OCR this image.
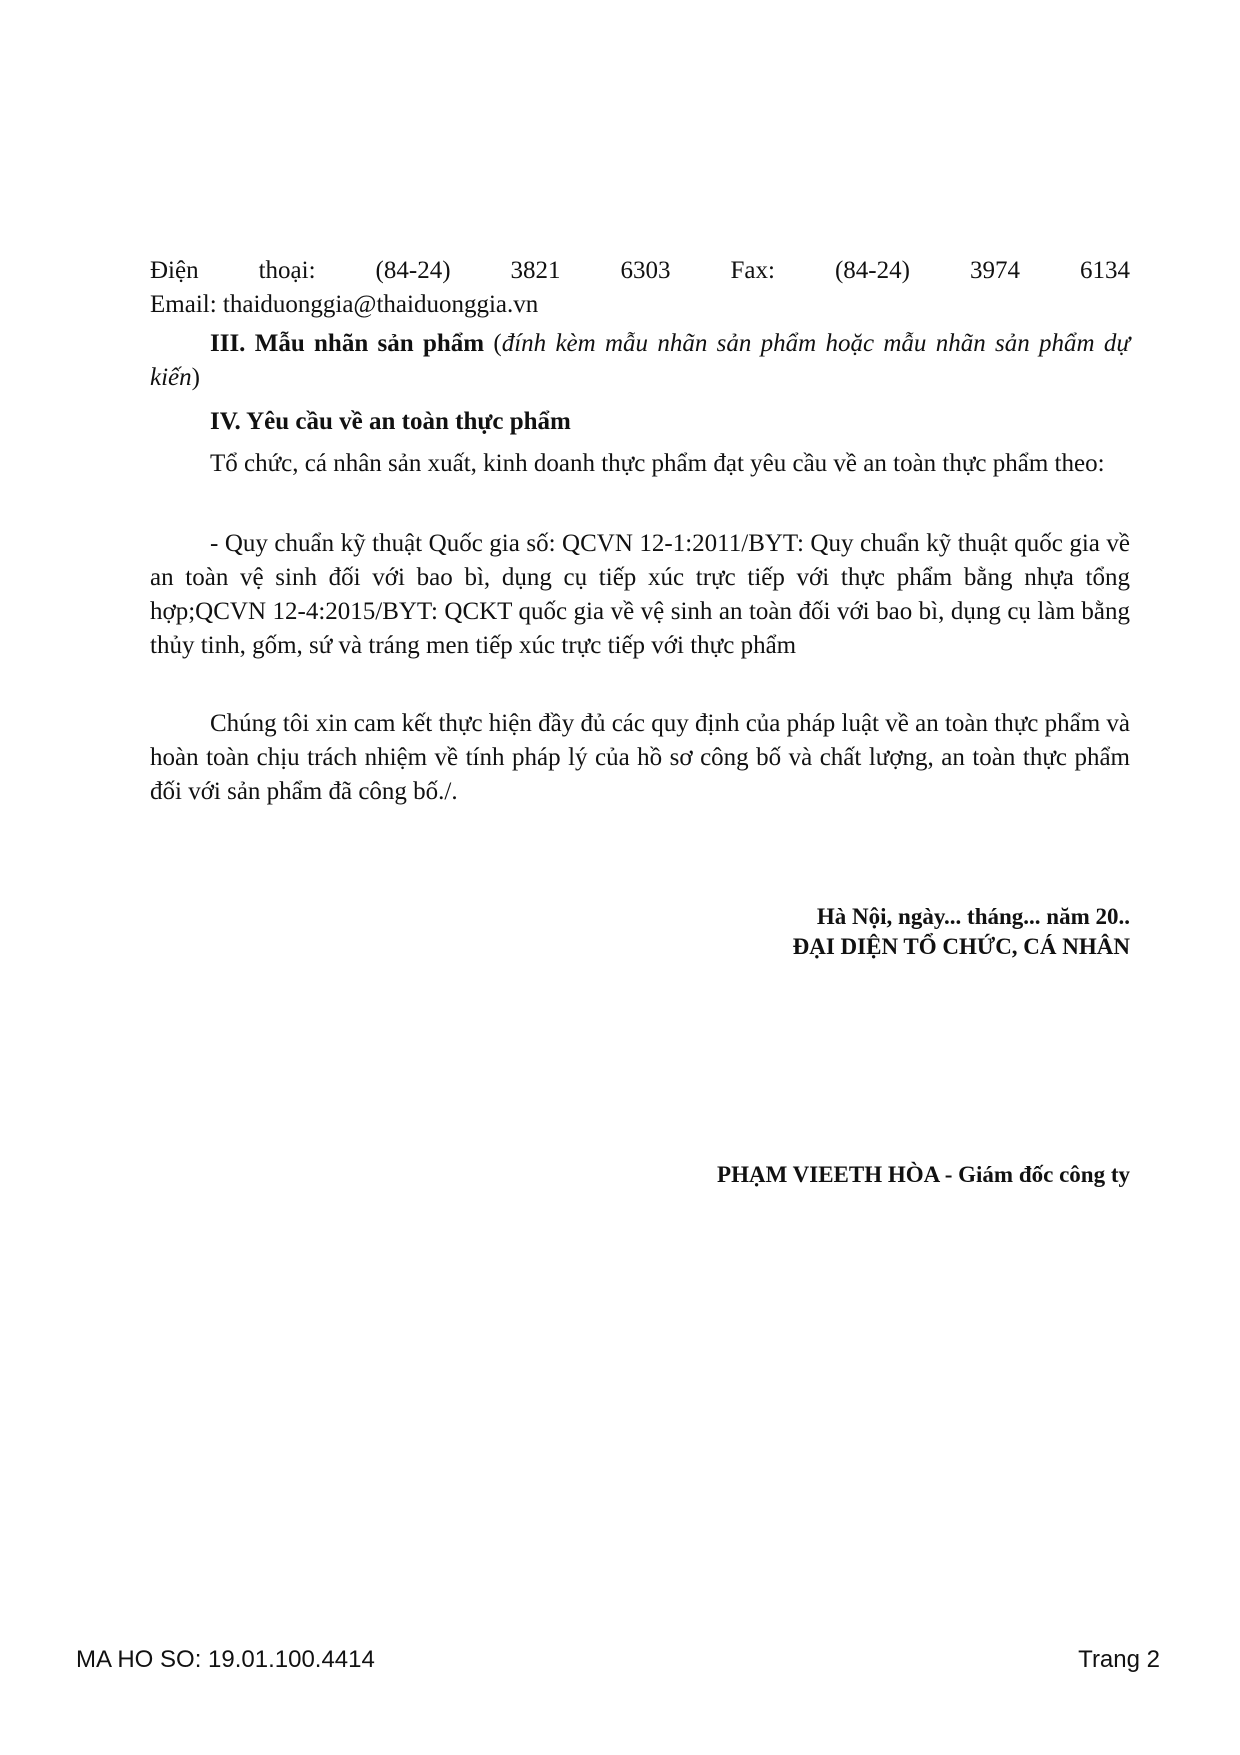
Điện thoại: (84-24) 3821 6303 Fax: (84-24) 3974 6134
Email: thaiduonggia@thaiduonggia.vn

III. Mẫu nhãn sản phẩm (đính kèm mẫu nhãn sản phẩm hoặc mẫu nhãn sản phẩm dự kiến)

IV. Yêu cầu về an toàn thực phẩm

Tổ chức, cá nhân sản xuất, kinh doanh thực phẩm đạt yêu cầu về an toàn thực phẩm theo:

- Quy chuẩn kỹ thuật Quốc gia số: QCVN 12-1:2011/BYT: Quy chuẩn kỹ thuật quốc gia về an toàn vệ sinh đối với bao bì, dụng cụ tiếp xúc trực tiếp với thực phẩm bằng nhựa tổng hợp;QCVN 12-4:2015/BYT: QCKT quốc gia về vệ sinh an toàn đối với bao bì, dụng cụ làm bằng thủy tinh, gốm, sứ và tráng men tiếp xúc trực tiếp với thực phẩm

Chúng tôi xin cam kết thực hiện đầy đủ các quy định của pháp luật về an toàn thực phẩm và hoàn toàn chịu trách nhiệm về tính pháp lý của hồ sơ công bố và chất lượng, an toàn thực phẩm đối với sản phẩm đã công bố./.

Hà Nội, ngày... tháng... năm 20..
ĐẠI DIỆN TỔ CHỨC, CÁ NHÂN
PHẠM VIEETH HÒA - Giám đốc công ty
MA HO SO: 19.01.100.4414	Trang 2
